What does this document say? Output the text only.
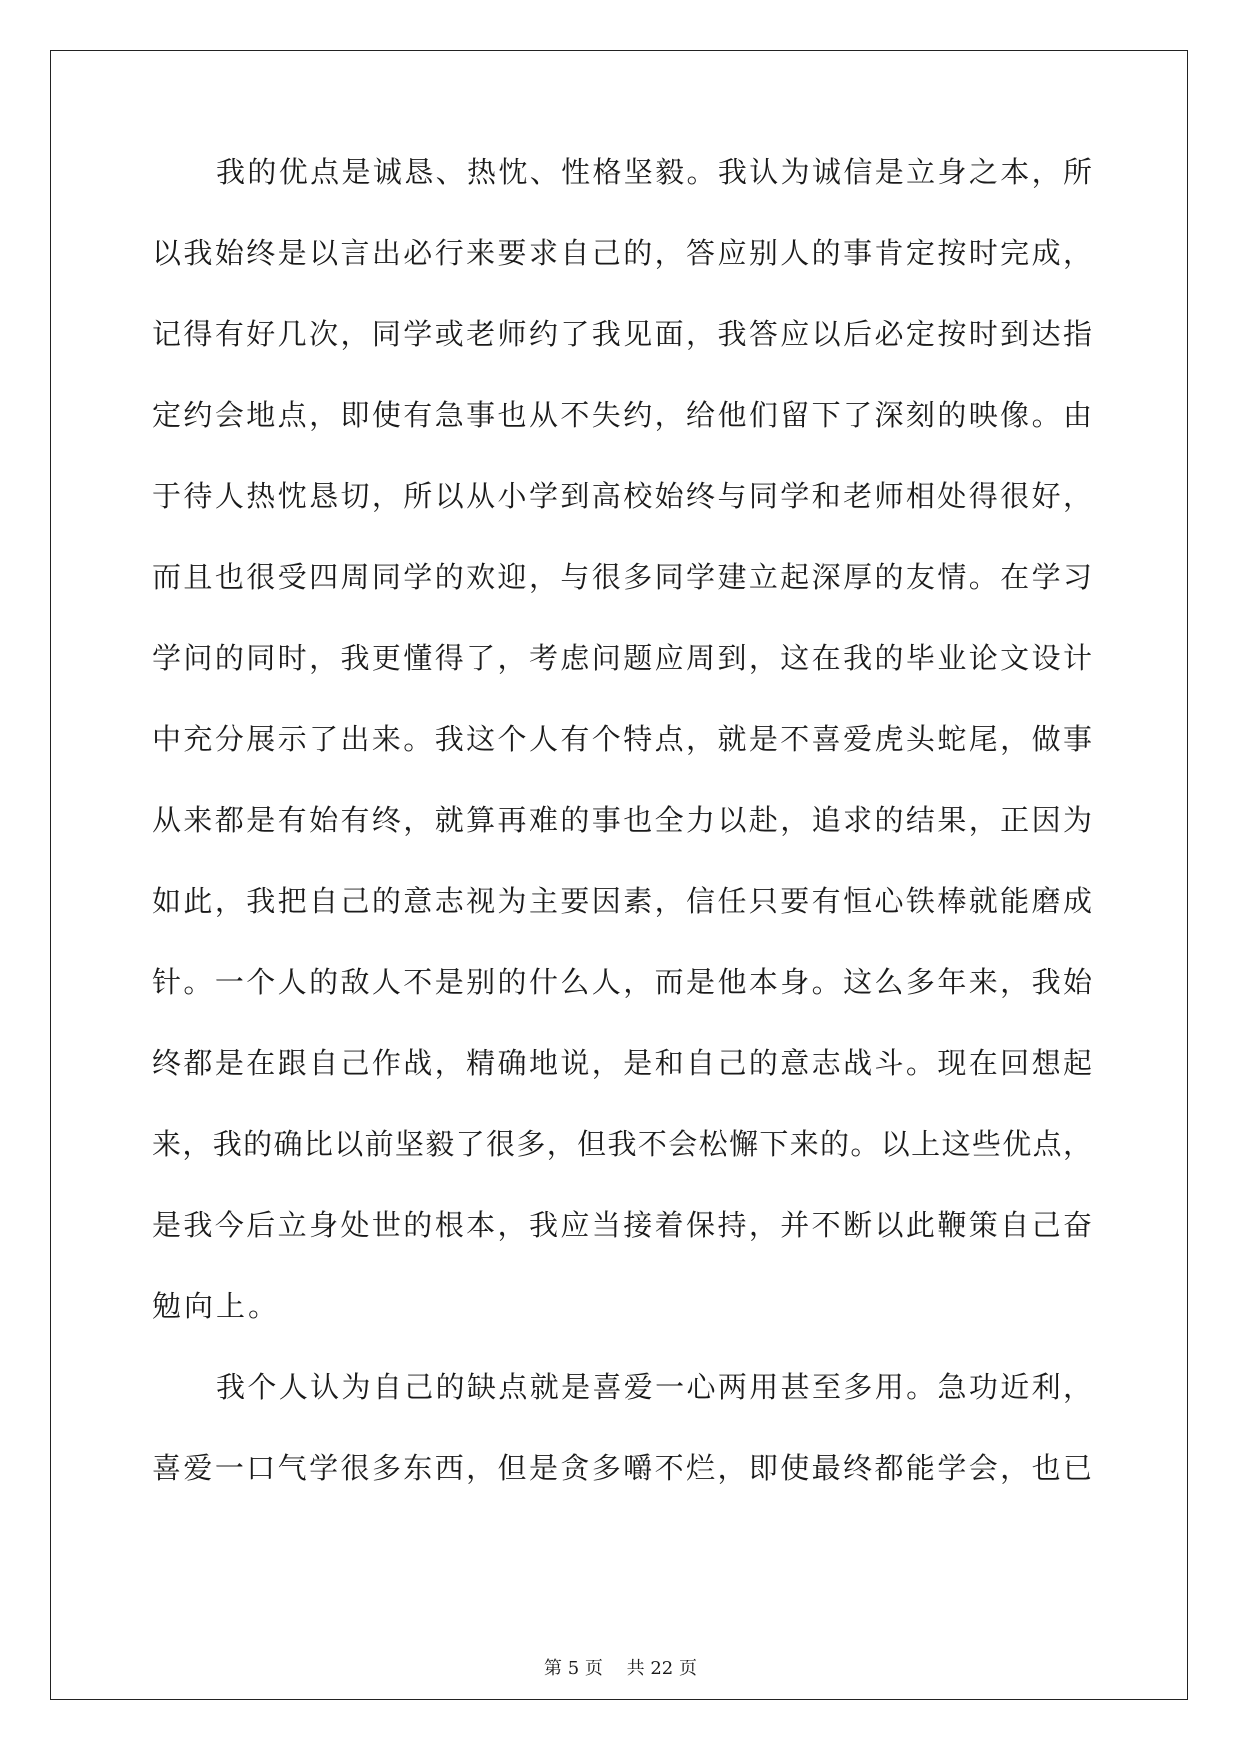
我的优点是诚恳、热忱、性格坚毅。我认为诚信是立身之本，所
以我始终是以言出必行来要求自己的，答应别人的事肯定按时完成，
记得有好几次，同学或老师约了我见面，我答应以后必定按时到达指
定约会地点，即使有急事也从不失约，给他们留下了深刻的映像。由
于待人热忱恳切，所以从小学到高校始终与同学和老师相处得很好，
而且也很受四周同学的欢迎，与很多同学建立起深厚的友情。在学习
学问的同时，我更懂得了，考虑问题应周到，这在我的毕业论文设计
中充分展示了出来。我这个人有个特点，就是不喜爱虎头蛇尾，做事
从来都是有始有终，就算再难的事也全力以赴，追求的结果，正因为
如此，我把自己的意志视为主要因素，信任只要有恒心铁棒就能磨成
针。一个人的敌人不是别的什么人，而是他本身。这么多年来，我始
终都是在跟自己作战，精确地说，是和自己的意志战斗。现在回想起
来，我的确比以前坚毅了很多，但我不会松懈下来的。以上这些优点，
是我今后立身处世的根本，我应当接着保持，并不断以此鞭策自己奋
勉向上。
我个人认为自己的缺点就是喜爱一心两用甚至多用。急功近利，
喜爱一口气学很多东西，但是贪多嚼不烂，即使最终都能学会，也已
第 5 页　 共 22 页
